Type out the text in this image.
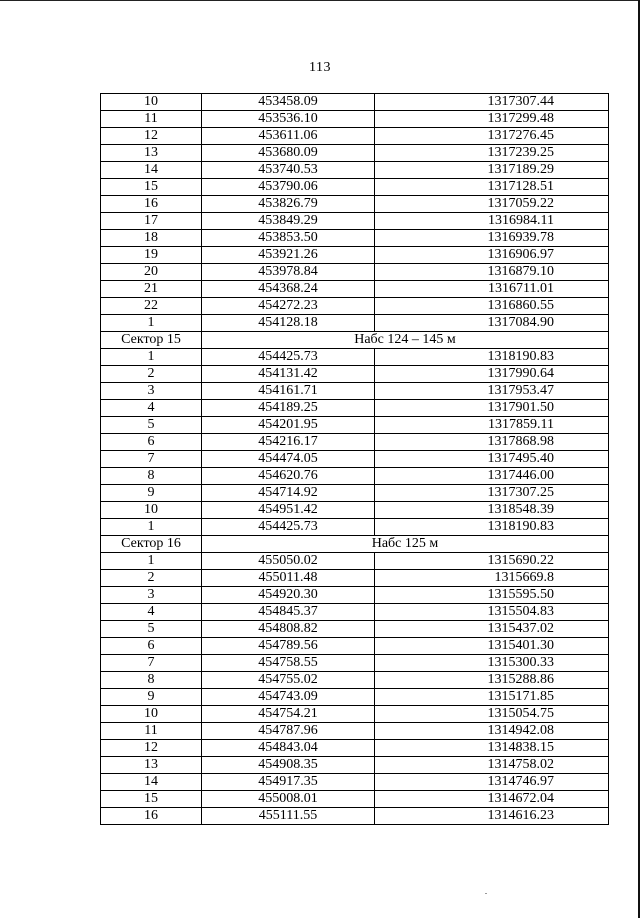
113
10	453458.09	1317307.44
11	453536.10	1317299.48
12	453611.06	1317276.45
13	453680.09	1317239.25
14	453740.53	1317189.29
15	453790.06	1317128.51
16	453826.79	1317059.22
17	453849.29	1316984.11
18	453853.50	1316939.78
19	453921.26	1316906.97
20	453978.84	1316879.10
21	454368.24	1316711.01
22	454272.23	1316860.55
1	454128.18	1317084.90
Сектор 15	Набс 124 – 145 м	
1	454425.73	1318190.83
2	454131.42	1317990.64
3	454161.71	1317953.47
4	454189.25	1317901.50
5	454201.95	1317859.11
6	454216.17	1317868.98
7	454474.05	1317495.40
8	454620.76	1317446.00
9	454714.92	1317307.25
10	454951.42	1318548.39
1	454425.73	1318190.83
Сектор 16	Набс 125 м	
1	455050.02	1315690.22
2	455011.48	1315669.8
3	454920.30	1315595.50
4	454845.37	1315504.83
5	454808.82	1315437.02
6	454789.56	1315401.30
7	454758.55	1315300.33
8	454755.02	1315288.86
9	454743.09	1315171.85
10	454754.21	1315054.75
11	454787.96	1314942.08
12	454843.04	1314838.15
13	454908.35	1314758.02
14	454917.35	1314746.97
15	455008.01	1314672.04
16	455111.55	1314616.23
